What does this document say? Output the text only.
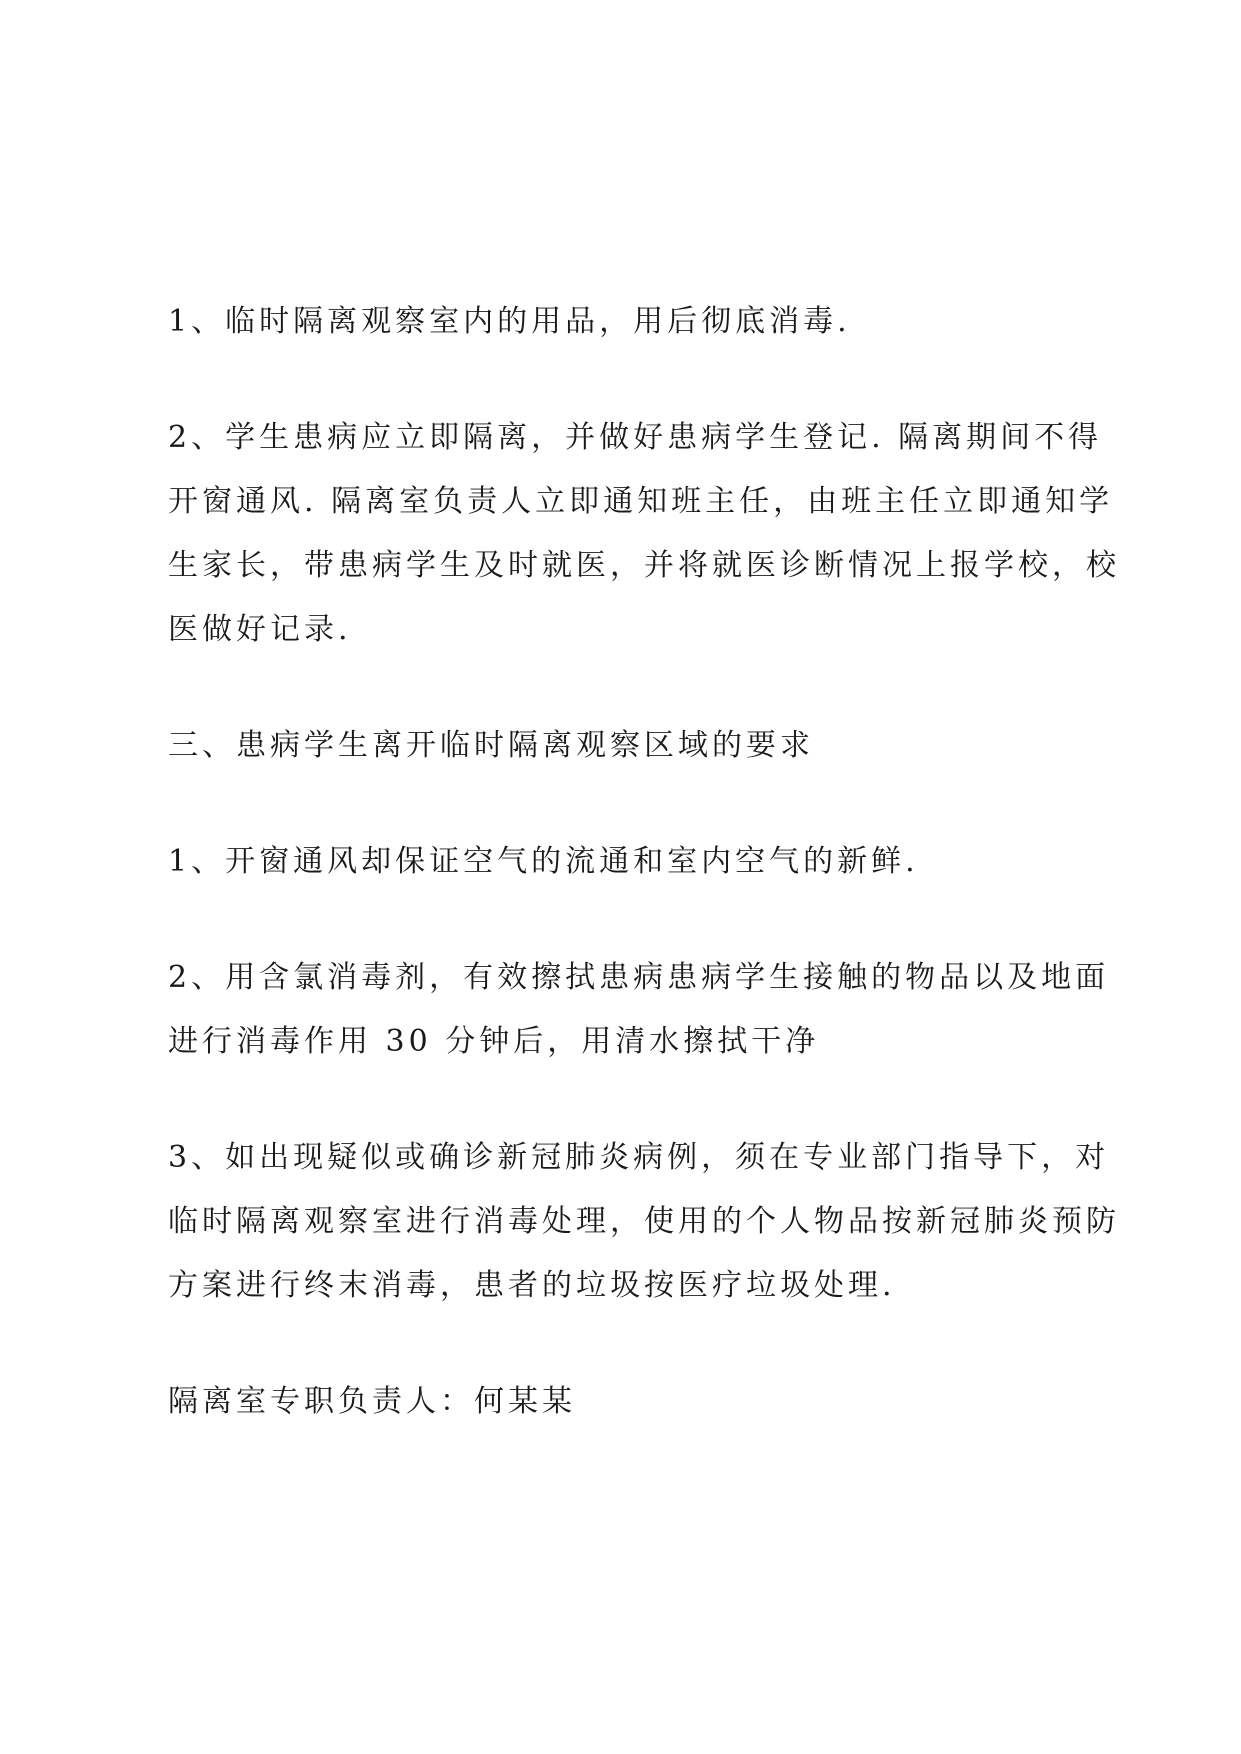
1、临时隔离观察室内的用品，用后彻底消毒.

2、学生患病应立即隔离，并做好患病学生登记. 隔离期间不得
开窗通风. 隔离室负责人立即通知班主任，由班主任立即通知学
生家长，带患病学生及时就医，并将就医诊断情况上报学校，校
医做好记录.

三、患病学生离开临时隔离观察区域的要求

1、开窗通风却保证空气的流通和室内空气的新鲜.

2、用含氯消毒剂，有效擦拭患病患病学生接触的物品以及地面
进行消毒作用 30 分钟后，用清水擦拭干净

3、如出现疑似或确诊新冠肺炎病例，须在专业部门指导下，对
临时隔离观察室进行消毒处理，使用的个人物品按新冠肺炎预防
方案进行终末消毒，患者的垃圾按医疗垃圾处理.

隔离室专职负责人：何某某
